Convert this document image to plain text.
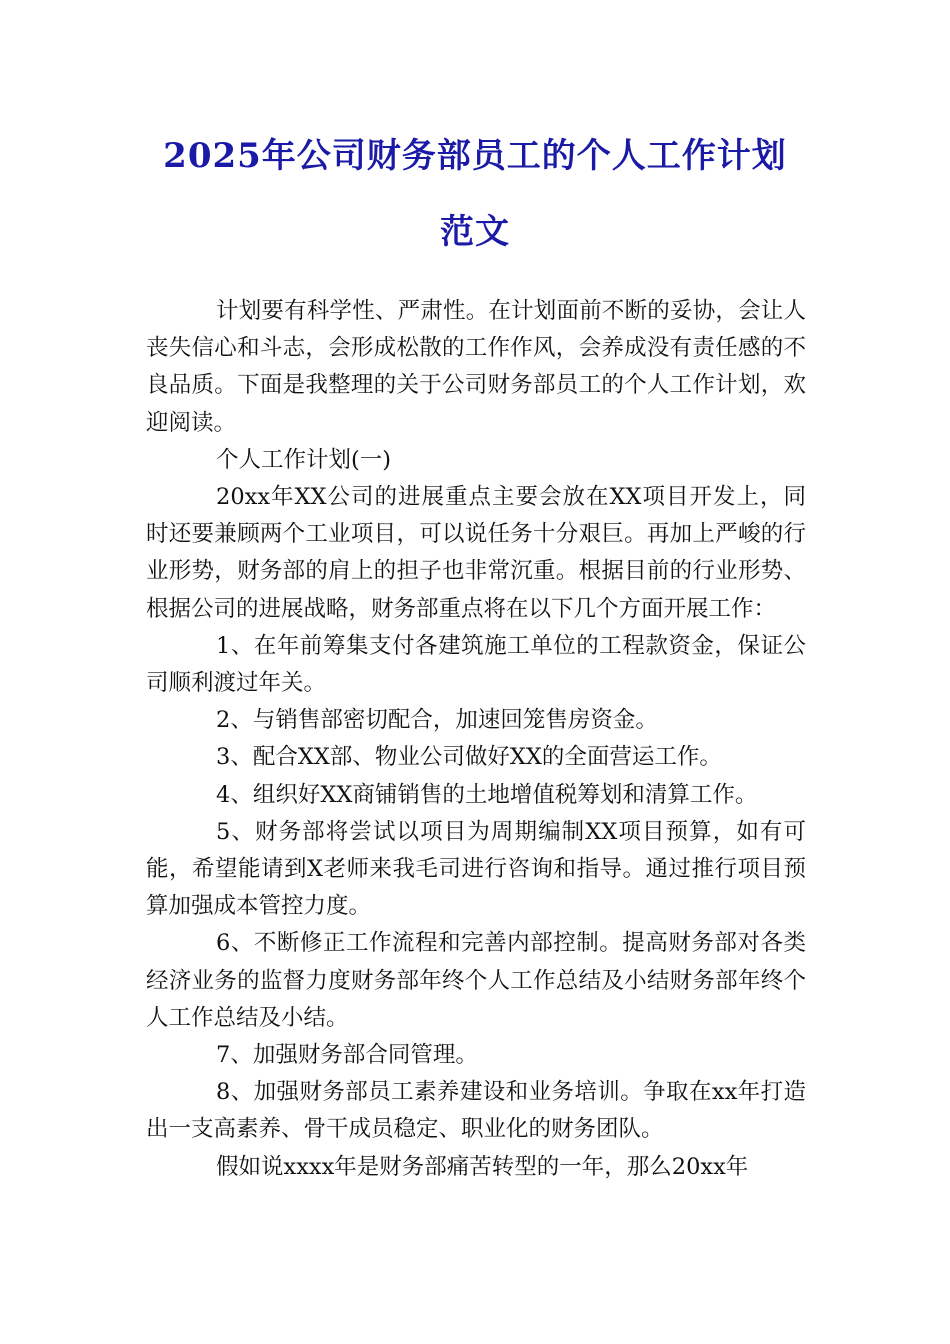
2025年公司财务部员工的个人工作计划
范文

计划要有科学性、严肃性。在计划面前不断的妥协，会让人丧失信心和斗志，会形成松散的工作作风，会养成没有责任感的不良品质。下面是我整理的关于公司财务部员工的个人工作计划，欢迎阅读。

个人工作计划(一)

20xx年XX公司的进展重点主要会放在XX项目开发上，同时还要兼顾两个工业项目，可以说任务十分艰巨。再加上严峻的行业形势，财务部的肩上的担子也非常沉重。根据目前的行业形势、根据公司的进展战略，财务部重点将在以下几个方面开展工作：

1、在年前筹集支付各建筑施工单位的工程款资金，保证公司顺利渡过年关。

2、与销售部密切配合，加速回笼售房资金。

3、配合XX部、物业公司做好XX的全面营运工作。

4、组织好XX商铺销售的土地增值税筹划和清算工作。

5、财务部将尝试以项目为周期编制XX项目预算，如有可能，希望能请到X老师来我毛司进行咨询和指导。通过推行项目预算加强成本管控力度。

6、不断修正工作流程和完善内部控制。提高财务部对各类经济业务的监督力度财务部年终个人工作总结及小结财务部年终个人工作总结及小结。

7、加强财务部合同管理。

8、加强财务部员工素养建设和业务培训。争取在xx年打造出一支高素养、骨干成员稳定、职业化的财务团队。

假如说xxxx年是财务部痛苦转型的一年，那么20xx年
